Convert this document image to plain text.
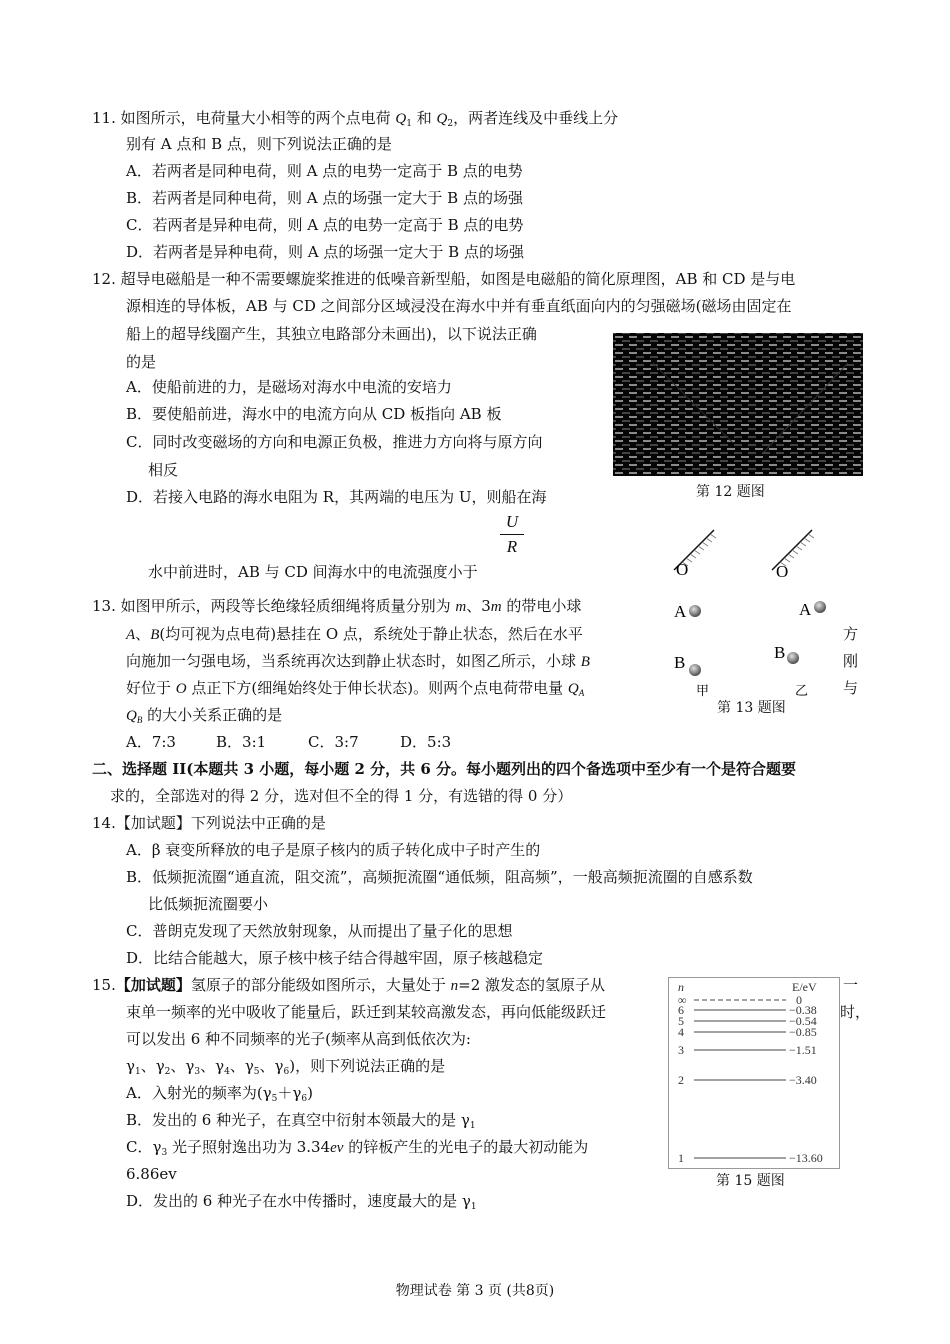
11. 如图所示，电荷量大小相等的两个点电荷 $Q_1$ 和 $Q_2$，两者连线及中垂线上分
别有 A 点和 B 点，则下列说法正确的是
A．若两者是同种电荷，则 A 点的电势一定高于 B 点的电势
B．若两者是同种电荷，则 A 点的场强一定大于 B 点的场强
C．若两者是异种电荷，则 A 点的电势一定高于 B 点的电势
D．若两者是异种电荷，则 A 点的场强一定大于 B 点的场强
12. 超导电磁船是一种不需要螺旋桨推进的低噪音新型船，如图是电磁船的简化原理图，AB 和 CD 是与电
源相连的导体板，AB 与 CD 之间部分区域浸没在海水中并有垂直纸面向内的匀强磁场(磁场由固定在
船上的超导线圈产生，其独立电路部分未画出)，以下说法正确
的是
A．使船前进的力，是磁场对海水中电流的安培力
B．要使船前进，海水中的电流方向从 CD 板指向 AB 板
C．同时改变磁场的方向和电源正负极，推进力方向将与原方向
相反
D．若接入电路的海水电阻为 R，其两端的电压为 U，则船在海
U
R
水中前进时，AB 与 CD 间海水中的电流强度小于
第 12 题图
13. 如图甲所示，两段等长绝缘轻质细绳将质量分别为 m、3m 的带电小球
A、B(均可视为点电荷)悬挂在 O 点，系统处于静止状态，然后在水平	方
向施加一匀强电场，当系统再次达到静止状态时，如图乙所示，小球 B	刚
好位于 O 点正下方(细绳始终处于伸长状态)。则两个点电荷带电量 $Q_A$	与
$Q_B$ 的大小关系正确的是
A．7:3	B．3:1	C．3:7	D．5:3
O	O
A	A
B
B
甲	乙
第 13 题图
二、选择题 II(本题共 3 小题，每小题 2 分，共 6 分。每小题列出的四个备选项中至少有一个是符合题要
求的，全部选对的得 2 分，选对但不全的得 1 分，有选错的得 0 分）
14.【加试题】下列说法中正确的是
A．β 衰变所释放的电子是原子核内的质子转化成中子时产生的
B．低频扼流圈“通直流，阻交流”，高频扼流圈“通低频，阻高频”，一般高频扼流圈的自感系数
比低频扼流圈要小
C．普朗克发现了天然放射现象，从而提出了量子化的思想
D．比结合能越大，原子核中核子结合得越牢固，原子核越稳定
15.【加试题】氢原子的部分能级如图所示，大量处于 n=2 激发态的氢原子从	一
束单一频率的光中吸收了能量后，跃迁到某较高激发态，再向低能级跃迁	时，
可以发出 6 种不同频率的光子(频率从高到低依次为:
$\gamma_1$、$\gamma_2$、$\gamma_3$、$\gamma_4$、$\gamma_5$、$\gamma_6$)，则下列说法正确的是
A．入射光的频率为$(\gamma_5+\gamma_6)$
B．发出的 6 种光子，在真空中衍射本领最大的是 $\gamma_1$
C．$\gamma_3$ 光子照射逸出功为 3.34ev 的锌板产生的光电子的最大初动能为
6.86ev
D．发出的 6 种光子在水中传播时，速度最大的是 $\gamma_1$
n	E/eV
∞	0
6	−0.38
5	−0.54
4	−0.85
3	−1.51
2	−3.40
1	−13.60
第 15 题图
物理试卷 第 3 页 (共8页)
